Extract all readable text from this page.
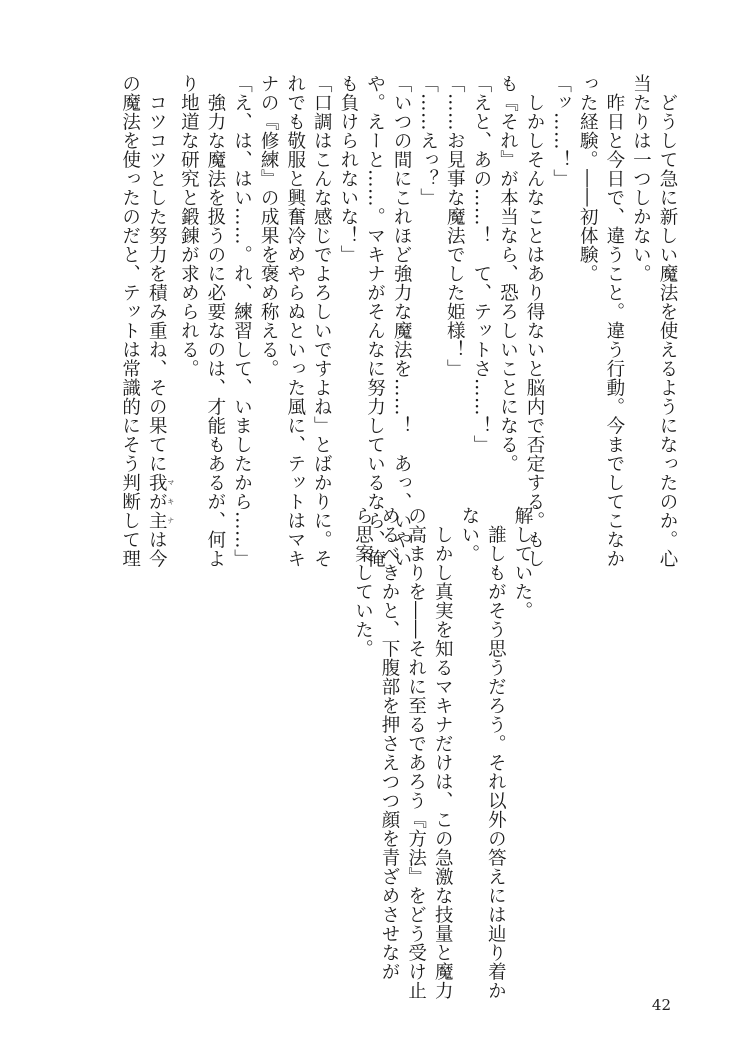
　どうして急に新しい魔法を使えるようになったのか。心
当たりは一つしかない。
　昨日と今日で、違うこと。違う行動。今までしてこなか
った経験。――初体験。
「ッ……！」
　しかしそんなことはあり得ないと脳内で否定する。もし
も『それ』が本当なら、恐ろしいことになる。
「えと、あの……！　て、テットさ……！」
「……お見事な魔法でした姫様！」
「……えっ？」
「いつの間にこれほど強力な魔法を……！　あっ、いやい
や。えーと……。マキナがそんなに努力しているなら、俺
も負けられないな！」
「口調はこんな感じでよろしいですよね」とばかりに。そ
れでも敬服と興奮冷めやらぬといった風に、テットはマキ
ナの『修練』の成果を褒め称える。
「え、は、はい……。れ、練習して、いましたから……」
　強力な魔法を扱うのに必要なのは、才能もあるが、何よ
り地道な研究と鍛錬が求められる。
　コツコツとした努力を積み重ね、その果てに我が主 マキナは今
の魔法を使ったのだと、テットは常識的にそう判断して理	解していた。
　誰しもがそう思うだろう。それ以外の答えには辿り着か
ない。
　しかし真実を知るマキナだけは、この急激な技量と魔力
の高まりを――それに至るであろう『方法』をどう受け止
めるべきかと、下腹部を押さえつつ顔を青ざめさせなが
ら思案していた。
42
